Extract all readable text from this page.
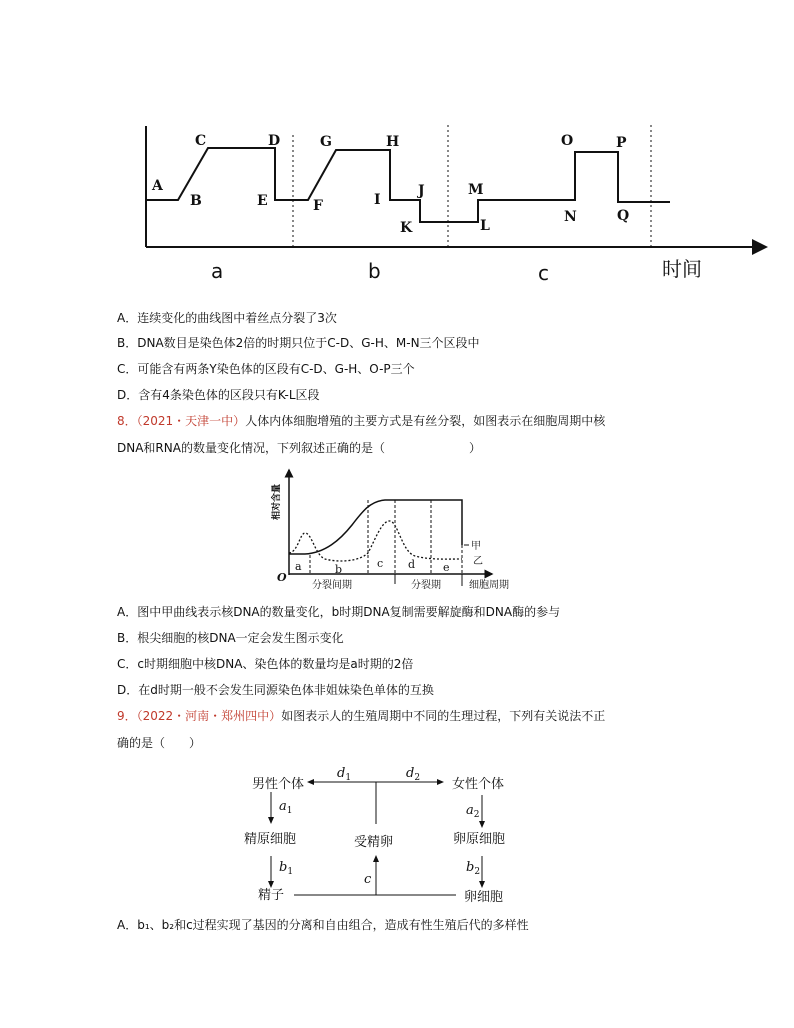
A
B
C	D
E	F
G	H
I
J
K	L
M
N
O	P
Q
a	b	c	时间
A．连续变化的曲线图中着丝点分裂了3次
B．DNA数目是染色体2倍的时期只位于C-D、G-H、M-N三个区段中
C．可能含有两条Y染色体的区段有C-D、G-H、O-P三个
D．含有4条染色体的区段只有K-L区段
8．（2021・天津一中）人体内体细胞增殖的主要方式是有丝分裂，如图表示在细胞周期中核
DNA和RNA的数量变化情况，下列叙述正确的是（　　　　　　　）
O
a	b	c d	e
分裂间期	分裂期	细胞周期
甲
乙
相对含量
A．图中甲曲线表示核DNA的数量变化，b时期DNA复制需要解旋酶和DNA酶的参与
B．根尖细胞的核DNA一定会发生图示变化
C．c时期细胞中核DNA、染色体的数量均是a时期的2倍
D．在d时期一般不会发生同源染色体非姐妹染色单体的互换
9．（2022・河南・郑州四中）如图表示人的生殖周期中不同的生理过程，下列有关说法不正
确的是（　　）
男性个体	女性个体
精原细胞	受精卵	卵原细胞
精子	卵细胞
$d_1$	$d_2$
$a_1$
$b_1$
$a_2$
$b_2$
c
A．b₁、b₂和c过程实现了基因的分离和自由组合，造成有性生殖后代的多样性
